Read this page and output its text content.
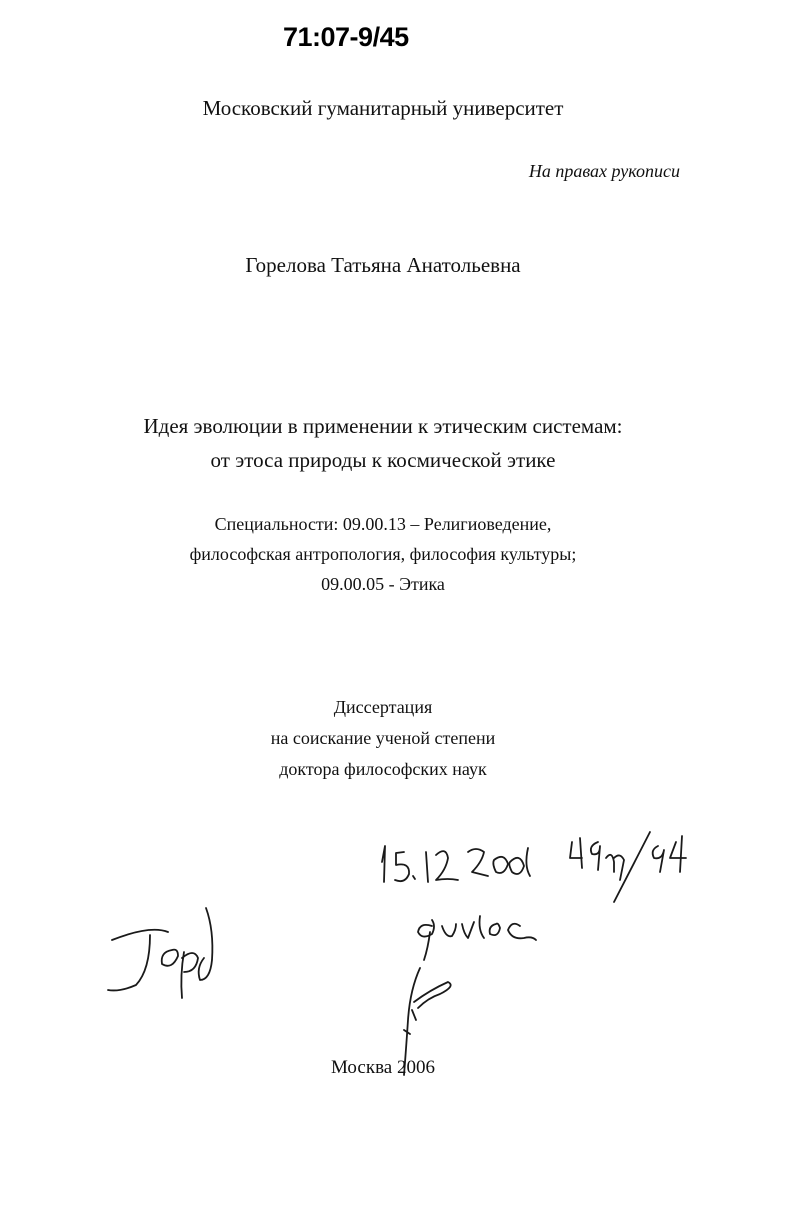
71:07-9/45
Московский гуманитарный университет
На правах рукописи
Горелова Татьяна Анатольевна
Идея эволюции в применении к этическим системам:
от этоса природы к космической этике
Специальности: 09.00.13 – Религиоведение,
философская антропология, философия культуры;
09.00.05 - Этика
Диссертация
на соискание ученой степени
доктора философских наук
Москва 2006
